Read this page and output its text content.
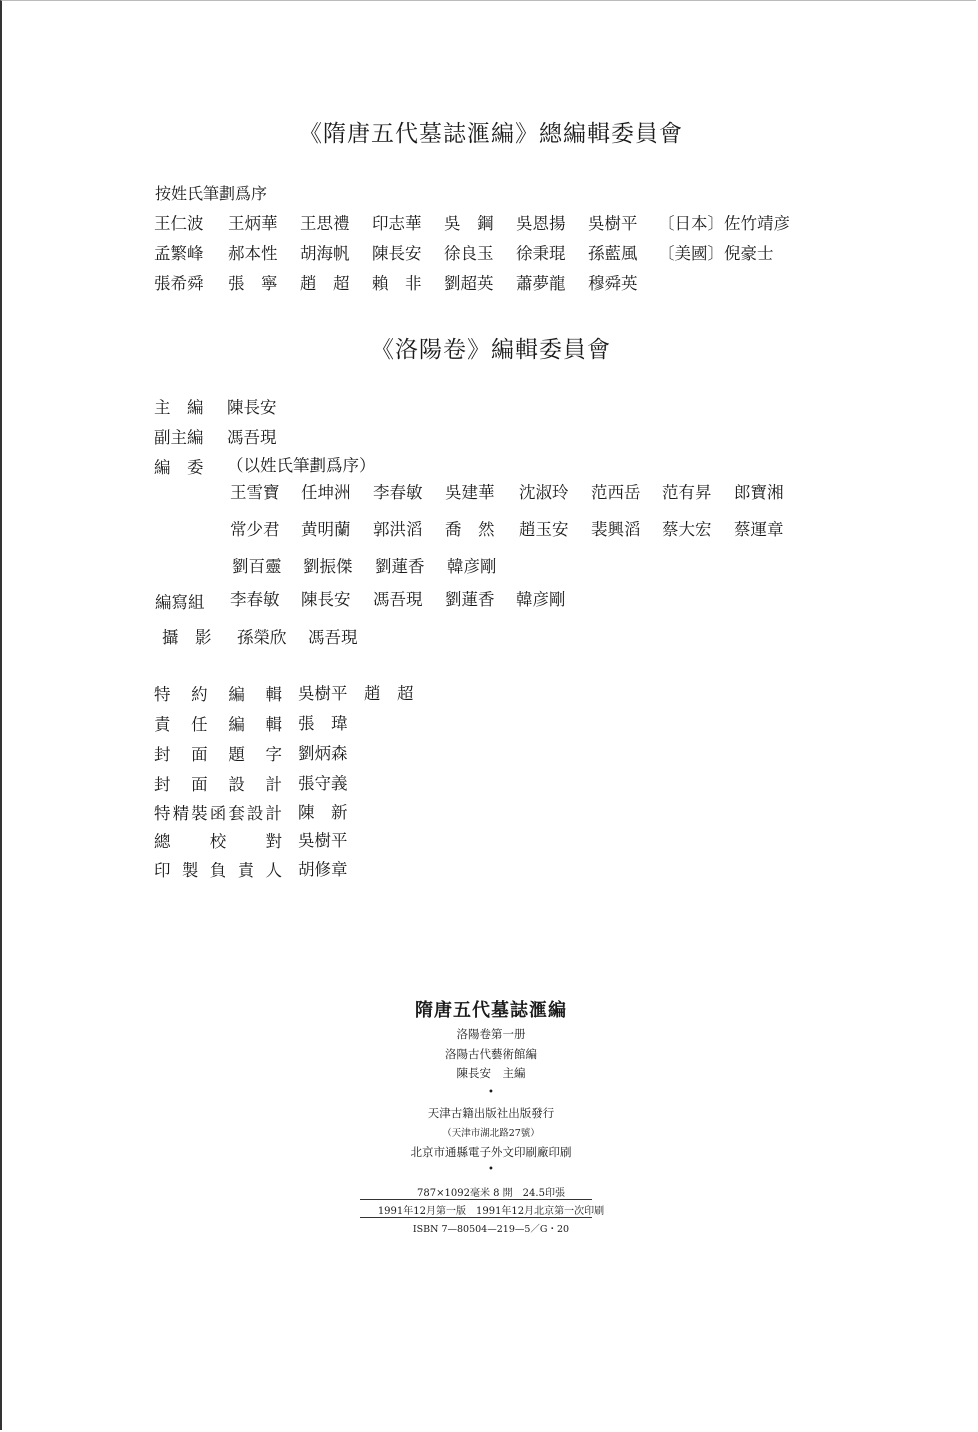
《隋唐五代墓誌滙編》總編輯委員會
按姓氏筆劃爲序
王仁波 王炳華 王思禮 印志華 吳　鋼 吳恩揚 吳樹平 〔日本〕佐竹靖彦
孟繁峰 郝本性 胡海帆 陳長安 徐良玉 徐秉琨 孫藍風 〔美國〕倪豪士
張希舜 張　寧 趙　超 賴　非 劉超英 蕭夢龍 穆舜英
《洛陽卷》編輯委員會
主　編 陳長安
副主編 馮吾現
編　委 （以姓氏筆劃爲序）
王雪寶 任坤洲 李春敏 吳建華 沈淑玲 范西岳 范有昇 郎寶湘
常少君 黄明蘭 郭洪滔 喬　然 趙玉安 裴興滔 蔡大宏 蔡運章
劉百靈 劉振傑 劉蓮香 韓彦剛
編寫組 李春敏 陳長安 馮吾現 劉蓮香 韓彦剛
攝　影 孫榮欣 馮吾現
特 約 編 輯 吳樹平　趙　超
責 任 編 輯 張　瑋
封 面 題 字 劉炳森
封 面 設 計 張守義
特 精 裝 函 套 設 計 陳　新
總 校 對 吳樹平
印 製 負 責 人 胡修章
隋唐五代墓誌滙編
洛陽卷第一册
洛陽古代藝術館編
陳長安　主編
•
天津古籍出版社出版發行
（天津市湖北路27號）
北京市通縣電子外文印刷廠印刷
•
787×1092毫米 8 開　24.5印張
1991年12月第一版　1991年12月北京第一次印刷
ISBN 7—80504—219—5／G・20
